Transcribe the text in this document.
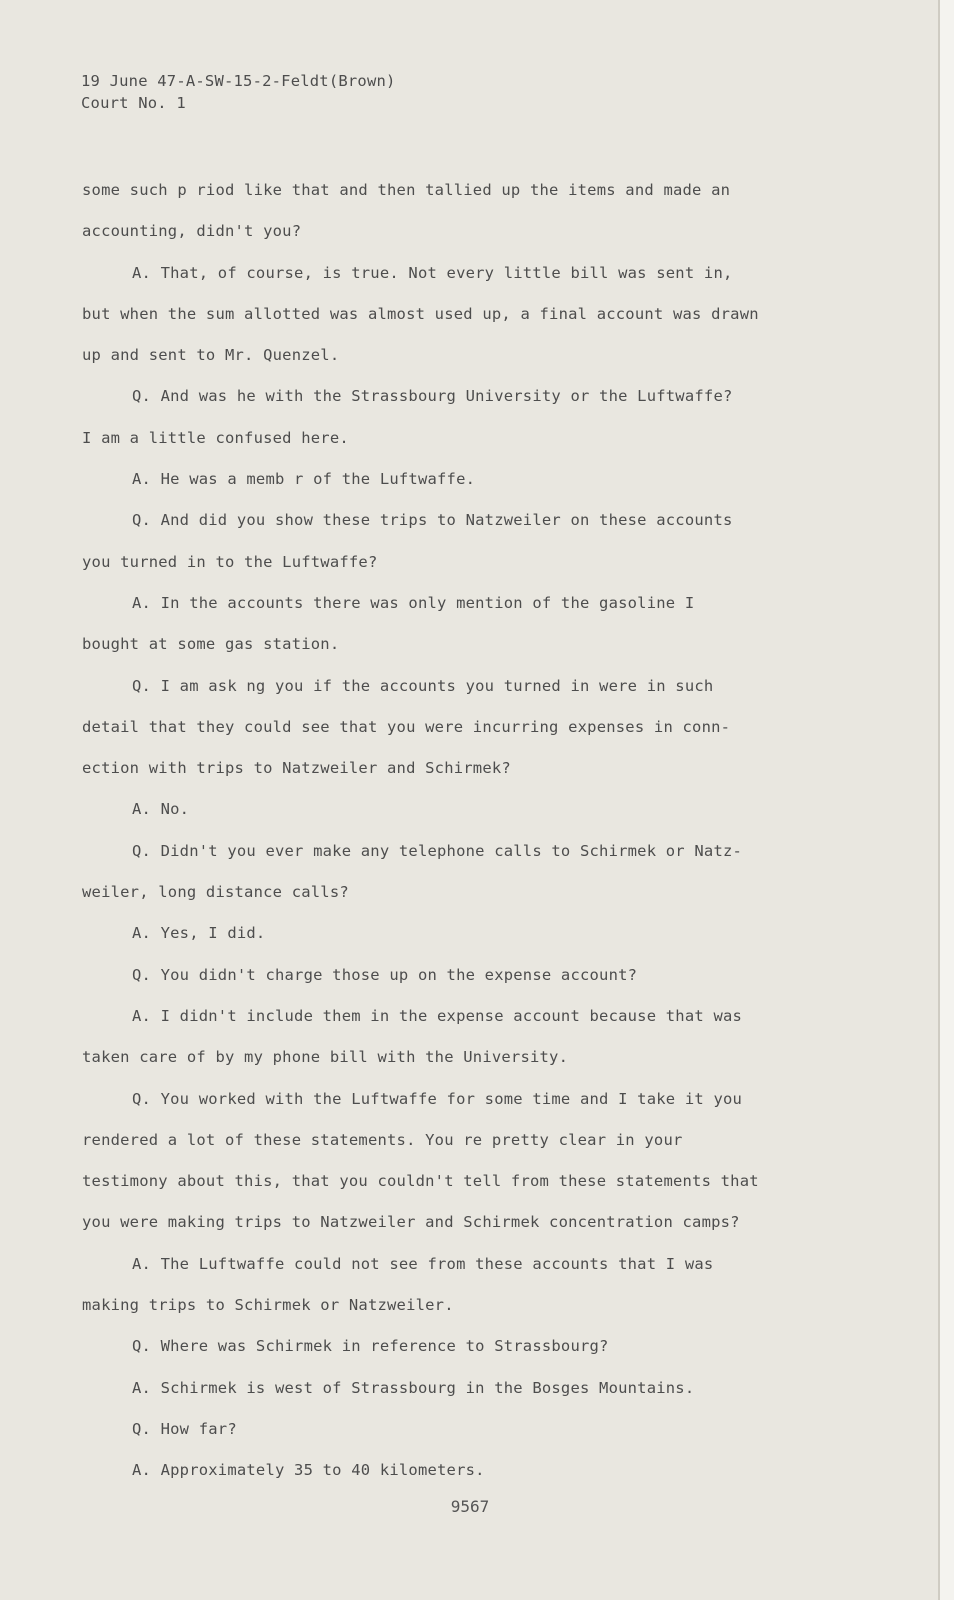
19 June 47-A-SW-15-2-Feldt(Brown)
Court No. 1
some such p riod like that and then tallied up the items and made an
accounting, didn't you?
A. That, of course, is true. Not every little bill was sent in,
but when the sum allotted was almost used up, a final account was drawn
up and sent to Mr. Quenzel.
Q. And was he with the Strassbourg University or the Luftwaffe?
I am a little confused here.
A. He was a memb r of the Luftwaffe.
Q. And did you show these trips to Natzweiler on these accounts
you turned in to the Luftwaffe?
A. In the accounts there was only mention of the gasoline I
bought at some gas station.
Q. I am ask ng you if the accounts you turned in were in such
detail that they could see that you were incurring expenses in conn-
ection with trips to Natzweiler and Schirmek?
A. No.
Q. Didn't you ever make any telephone calls to Schirmek or Natz-
weiler, long distance calls?
A. Yes, I did.
Q. You didn't charge those up on the expense account?
A. I didn't include them in the expense account because that was
taken care of by my phone bill with the University.
Q. You worked with the Luftwaffe for some time and I take it you
rendered a lot of these statements. You re pretty clear in your
testimony about this, that you couldn't tell from these statements that
you were making trips to Natzweiler and Schirmek concentration camps?
A. The Luftwaffe could not see from these accounts that I was
making trips to Schirmek or Natzweiler.
Q. Where was Schirmek in reference to Strassbourg?
A. Schirmek is west of Strassbourg in the Bosges Mountains.
Q. How far?
A. Approximately 35 to 40 kilometers.
9567
